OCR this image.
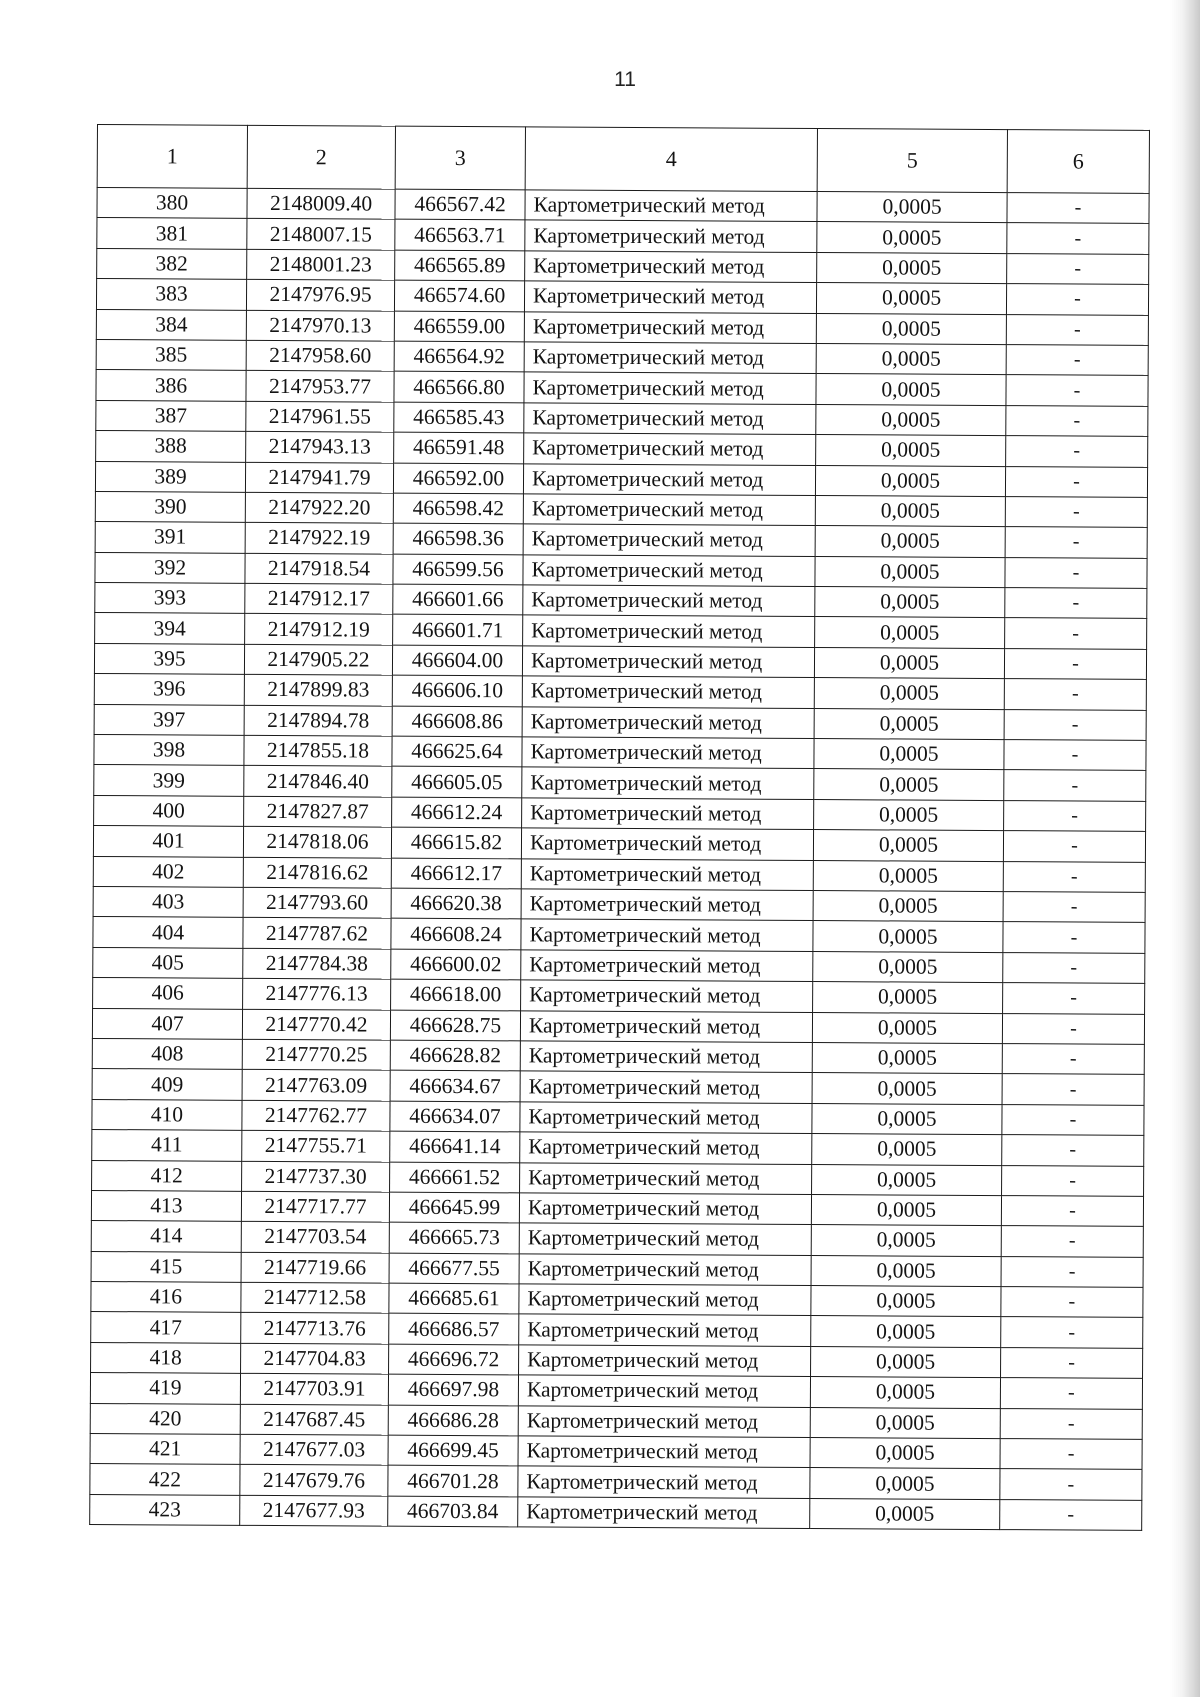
11
1	2	3	4	5	6
380	2148009.40	466567.42	Картометрический метод	0,0005	-
381	2148007.15	466563.71	Картометрический метод	0,0005	-
382	2148001.23	466565.89	Картометрический метод	0,0005	-
383	2147976.95	466574.60	Картометрический метод	0,0005	-
384	2147970.13	466559.00	Картометрический метод	0,0005	-
385	2147958.60	466564.92	Картометрический метод	0,0005	-
386	2147953.77	466566.80	Картометрический метод	0,0005	-
387	2147961.55	466585.43	Картометрический метод	0,0005	-
388	2147943.13	466591.48	Картометрический метод	0,0005	-
389	2147941.79	466592.00	Картометрический метод	0,0005	-
390	2147922.20	466598.42	Картометрический метод	0,0005	-
391	2147922.19	466598.36	Картометрический метод	0,0005	-
392	2147918.54	466599.56	Картометрический метод	0,0005	-
393	2147912.17	466601.66	Картометрический метод	0,0005	-
394	2147912.19	466601.71	Картометрический метод	0,0005	-
395	2147905.22	466604.00	Картометрический метод	0,0005	-
396	2147899.83	466606.10	Картометрический метод	0,0005	-
397	2147894.78	466608.86	Картометрический метод	0,0005	-
398	2147855.18	466625.64	Картометрический метод	0,0005	-
399	2147846.40	466605.05	Картометрический метод	0,0005	-
400	2147827.87	466612.24	Картометрический метод	0,0005	-
401	2147818.06	466615.82	Картометрический метод	0,0005	-
402	2147816.62	466612.17	Картометрический метод	0,0005	-
403	2147793.60	466620.38	Картометрический метод	0,0005	-
404	2147787.62	466608.24	Картометрический метод	0,0005	-
405	2147784.38	466600.02	Картометрический метод	0,0005	-
406	2147776.13	466618.00	Картометрический метод	0,0005	-
407	2147770.42	466628.75	Картометрический метод	0,0005	-
408	2147770.25	466628.82	Картометрический метод	0,0005	-
409	2147763.09	466634.67	Картометрический метод	0,0005	-
410	2147762.77	466634.07	Картометрический метод	0,0005	-
411	2147755.71	466641.14	Картометрический метод	0,0005	-
412	2147737.30	466661.52	Картометрический метод	0,0005	-
413	2147717.77	466645.99	Картометрический метод	0,0005	-
414	2147703.54	466665.73	Картометрический метод	0,0005	-
415	2147719.66	466677.55	Картометрический метод	0,0005	-
416	2147712.58	466685.61	Картометрический метод	0,0005	-
417	2147713.76	466686.57	Картометрический метод	0,0005	-
418	2147704.83	466696.72	Картометрический метод	0,0005	-
419	2147703.91	466697.98	Картометрический метод	0,0005	-
420	2147687.45	466686.28	Картометрический метод	0,0005	-
421	2147677.03	466699.45	Картометрический метод	0,0005	-
422	2147679.76	466701.28	Картометрический метод	0,0005	-
423	2147677.93	466703.84	Картометрический метод	0,0005	-
